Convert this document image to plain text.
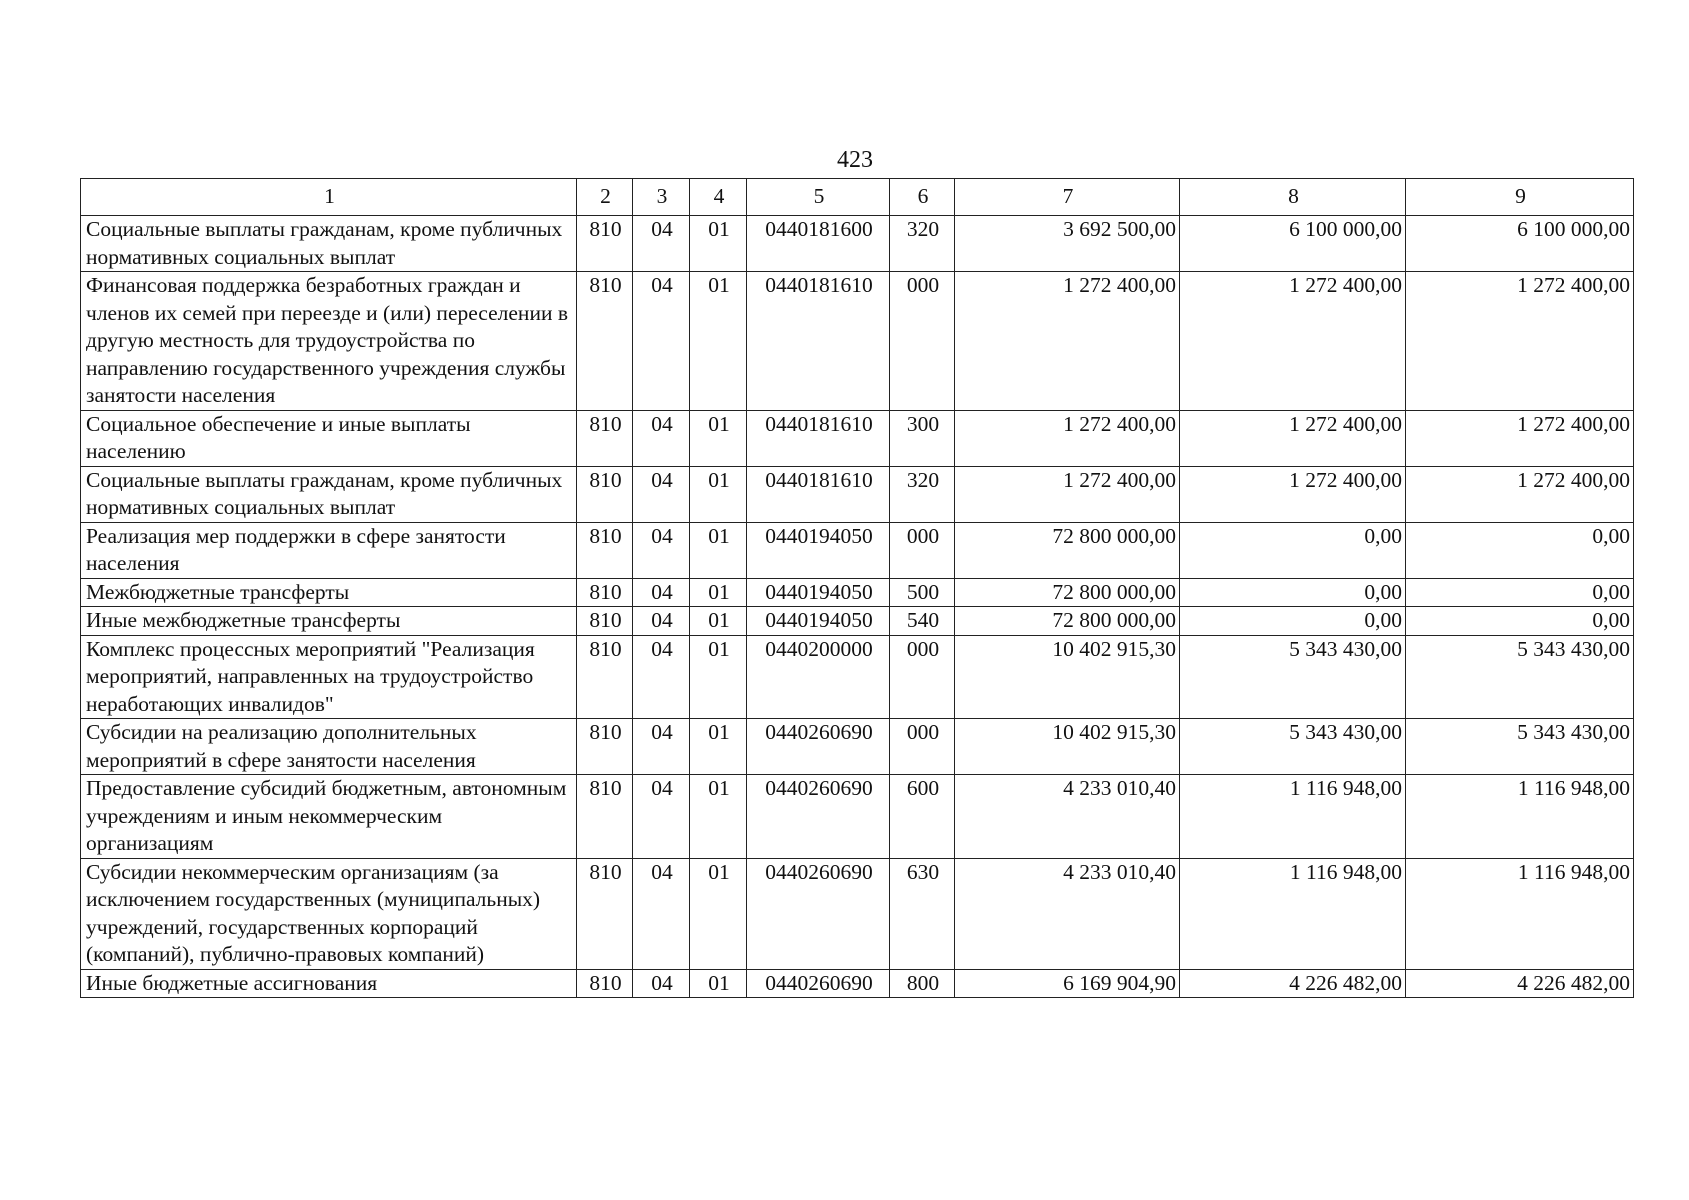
423
1	2	3	4	5	6	7	8	9
Социальные выплаты гражданам, кроме публичных нормативных социальных выплат	810	04	01	0440181600	320	3 692 500,00	6 100 000,00	6 100 000,00
Финансовая поддержка безработных граждан и членов их семей при переезде и (или) переселении в другую местность для трудоустройства по направлению государственного учреждения службы занятости населения	810	04	01	0440181610	000	1 272 400,00	1 272 400,00	1 272 400,00
Социальное обеспечение и иные выплаты населению	810	04	01	0440181610	300	1 272 400,00	1 272 400,00	1 272 400,00
Социальные выплаты гражданам, кроме публичных нормативных социальных выплат	810	04	01	0440181610	320	1 272 400,00	1 272 400,00	1 272 400,00
Реализация мер поддержки в сфере занятости населения	810	04	01	0440194050	000	72 800 000,00	0,00	0,00
Межбюджетные трансферты	810	04	01	0440194050	500	72 800 000,00	0,00	0,00
Иные межбюджетные трансферты	810	04	01	0440194050	540	72 800 000,00	0,00	0,00
Комплекс процессных мероприятий "Реализация мероприятий, направленных на трудоустройство неработающих инвалидов"	810	04	01	0440200000	000	10 402 915,30	5 343 430,00	5 343 430,00
Субсидии на реализацию дополнительных мероприятий в сфере занятости населения	810	04	01	0440260690	000	10 402 915,30	5 343 430,00	5 343 430,00
Предоставление субсидий бюджетным, автономным учреждениям и иным некоммерческим организациям	810	04	01	0440260690	600	4 233 010,40	1 116 948,00	1 116 948,00
Субсидии некоммерческим организациям (за исключением государственных (муниципальных) учреждений, государственных корпораций (компаний), публично-правовых компаний)	810	04	01	0440260690	630	4 233 010,40	1 116 948,00	1 116 948,00
Иные бюджетные ассигнования	810	04	01	0440260690	800	6 169 904,90	4 226 482,00	4 226 482,00
